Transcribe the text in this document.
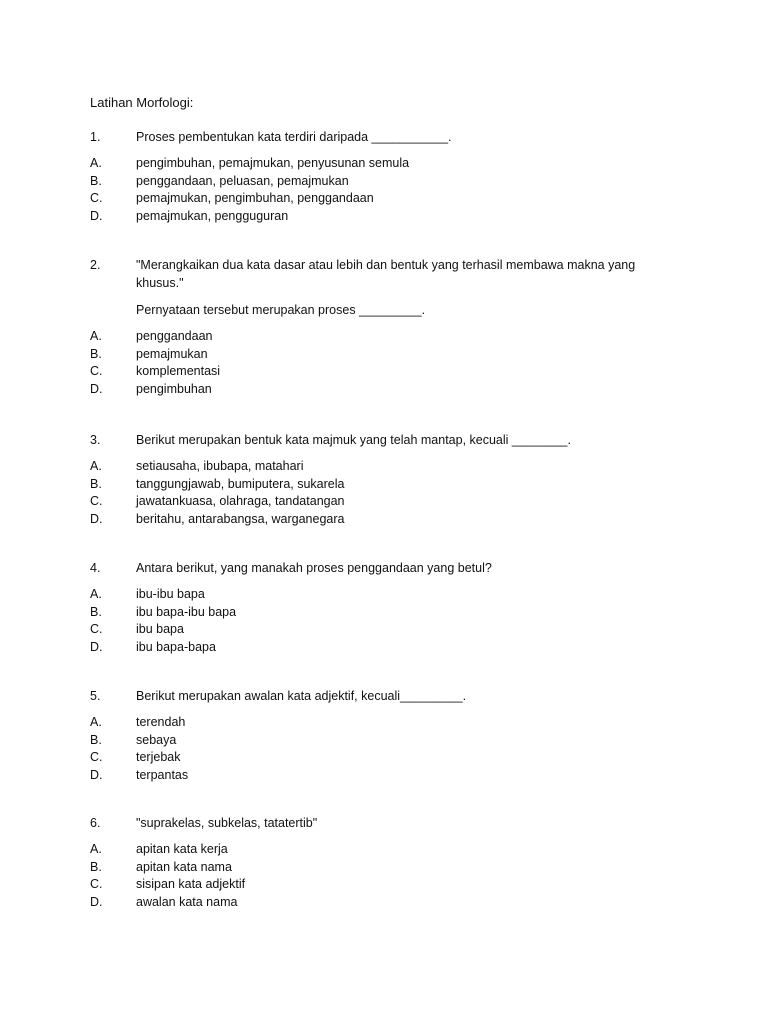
Latihan Morfologi:
1.	Proses pembentukan kata terdiri daripada ___________.
A.	pengimbuhan, pemajmukan, penyusunan semula
B.	penggandaan, peluasan, pemajmukan
C.	pemajmukan, pengimbuhan, penggandaan
D.	pemajmukan, pengguguran
2.	"Merangkaikan dua kata dasar atau lebih dan bentuk yang terhasil membawa makna yang khusus."
Pernyataan tersebut merupakan proses _________.
A.	penggandaan
B.	pemajmukan
C.	komplementasi
D.	pengimbuhan
3.	Berikut merupakan bentuk kata majmuk yang telah mantap, kecuali ________.
A.	setiausaha, ibubapa, matahari
B.	tanggungjawab, bumiputera, sukarela
C.	jawatankuasa, olahraga, tandatangan
D.	beritahu, antarabangsa, warganegara
4.	Antara berikut, yang manakah proses penggandaan yang betul?
A.	ibu-ibu bapa
B.	ibu bapa-ibu bapa
C.	ibu bapa
D.	ibu bapa-bapa
5.	Berikut merupakan awalan kata adjektif, kecuali_________.
A.	terendah
B.	sebaya
C.	terjebak
D.	terpantas
6.	"suprakelas, subkelas, tatatertib"
A.	apitan kata kerja
B.	apitan kata nama
C.	sisipan kata adjektif
D.	awalan kata nama
